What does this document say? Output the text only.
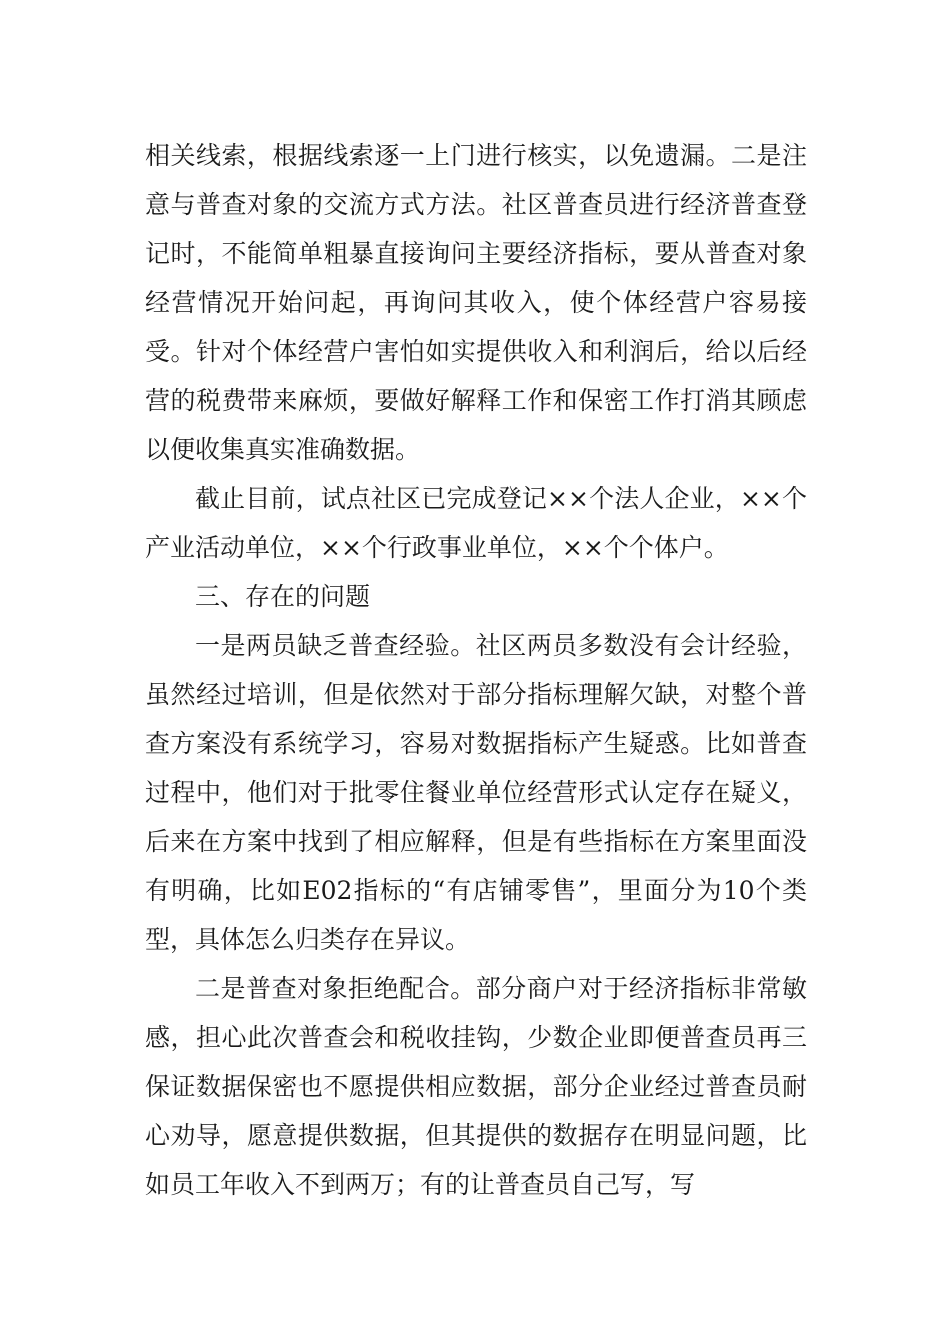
相关线索，根据线索逐一上门进行核实，以免遗漏。二是注意与普查对象的交流方式方法。社区普查员进行经济普查登记时，不能简单粗暴直接询问主要经济指标，要从普查对象经营情况开始问起，再询问其收入，使个体经营户容易接受。针对个体经营户害怕如实提供收入和利润后，给以后经营的税费带来麻烦，要做好解释工作和保密工作打消其顾虑以便收集真实准确数据。

截止目前，试点社区已完成登记××个法人企业，××个产业活动单位，××个行政事业单位，××个个体户。

三、存在的问题

一是两员缺乏普查经验。社区两员多数没有会计经验，虽然经过培训，但是依然对于部分指标理解欠缺，对整个普查方案没有系统学习，容易对数据指标产生疑惑。比如普查过程中，他们对于批零住餐业单位经营形式认定存在疑义，后来在方案中找到了相应解释，但是有些指标在方案里面没有明确，比如E02指标的“有店铺零售”，里面分为10个类型，具体怎么归类存在异议。

二是普查对象拒绝配合。部分商户对于经济指标非常敏感，担心此次普查会和税收挂钩，少数企业即便普查员再三保证数据保密也不愿提供相应数据，部分企业经过普查员耐心劝导，愿意提供数据，但其提供的数据存在明显问题，比如员工年收入不到两万；有的让普查员自己写，写
